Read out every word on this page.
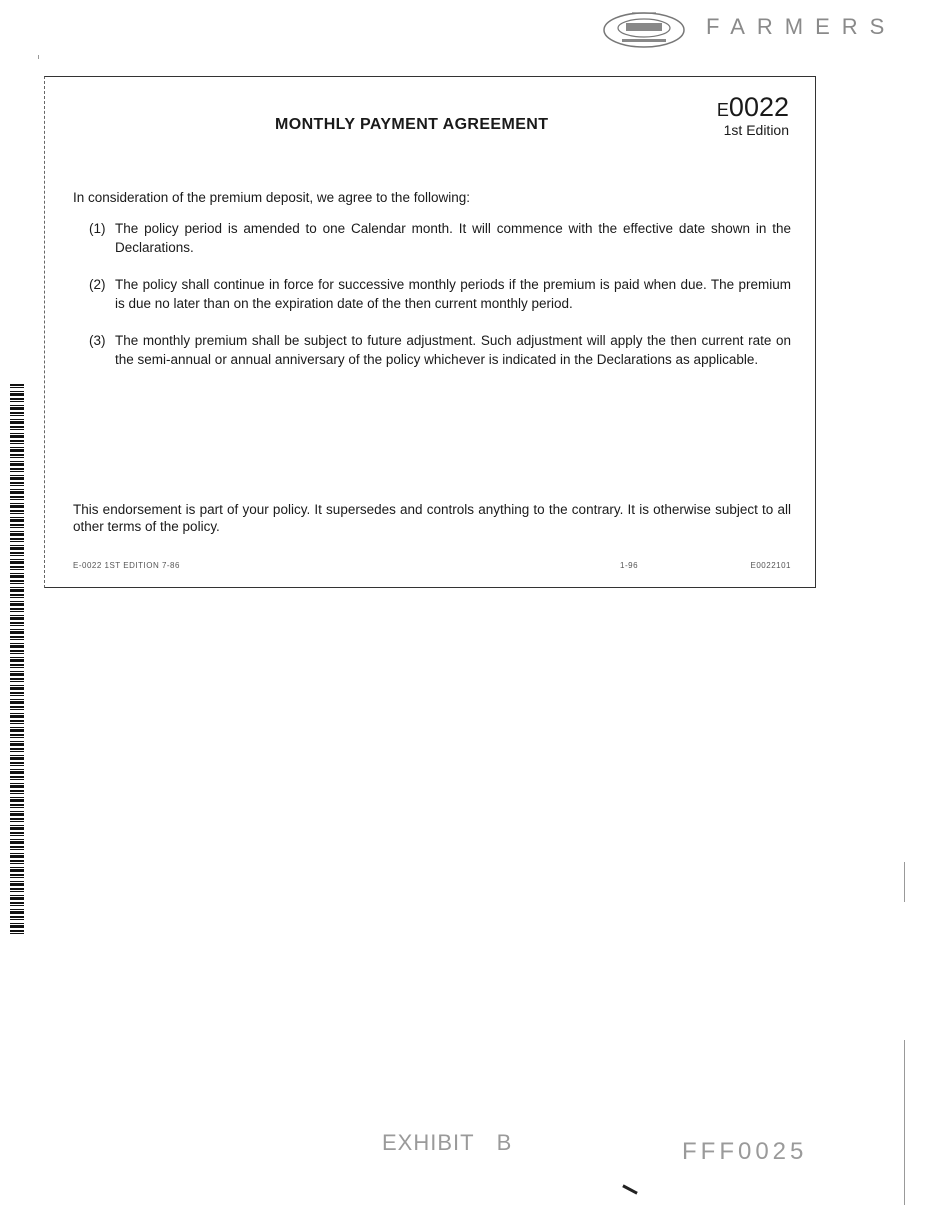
FARMERS
MONTHLY PAYMENT AGREEMENT
E0022
1st Edition
In consideration of the premium deposit, we agree to the following:
(1) The policy period is amended to one Calendar month. It will commence with the effective date shown in the Declarations.
(2) The policy shall continue in force for successive monthly periods if the premium is paid when due. The premium is due no later than on the expiration date of the then current monthly period.
(3) The monthly premium shall be subject to future adjustment. Such adjustment will apply the then current rate on the semi-annual or annual anniversary of the policy whichever is indicated in the Declarations as applicable.
This endorsement is part of your policy. It supersedes and controls anything to the contrary. It is otherwise subject to all other terms of the policy.
E-0022 1ST EDITION 7-86	1-96	E0022101
EXHIBIT B	FFF0025
